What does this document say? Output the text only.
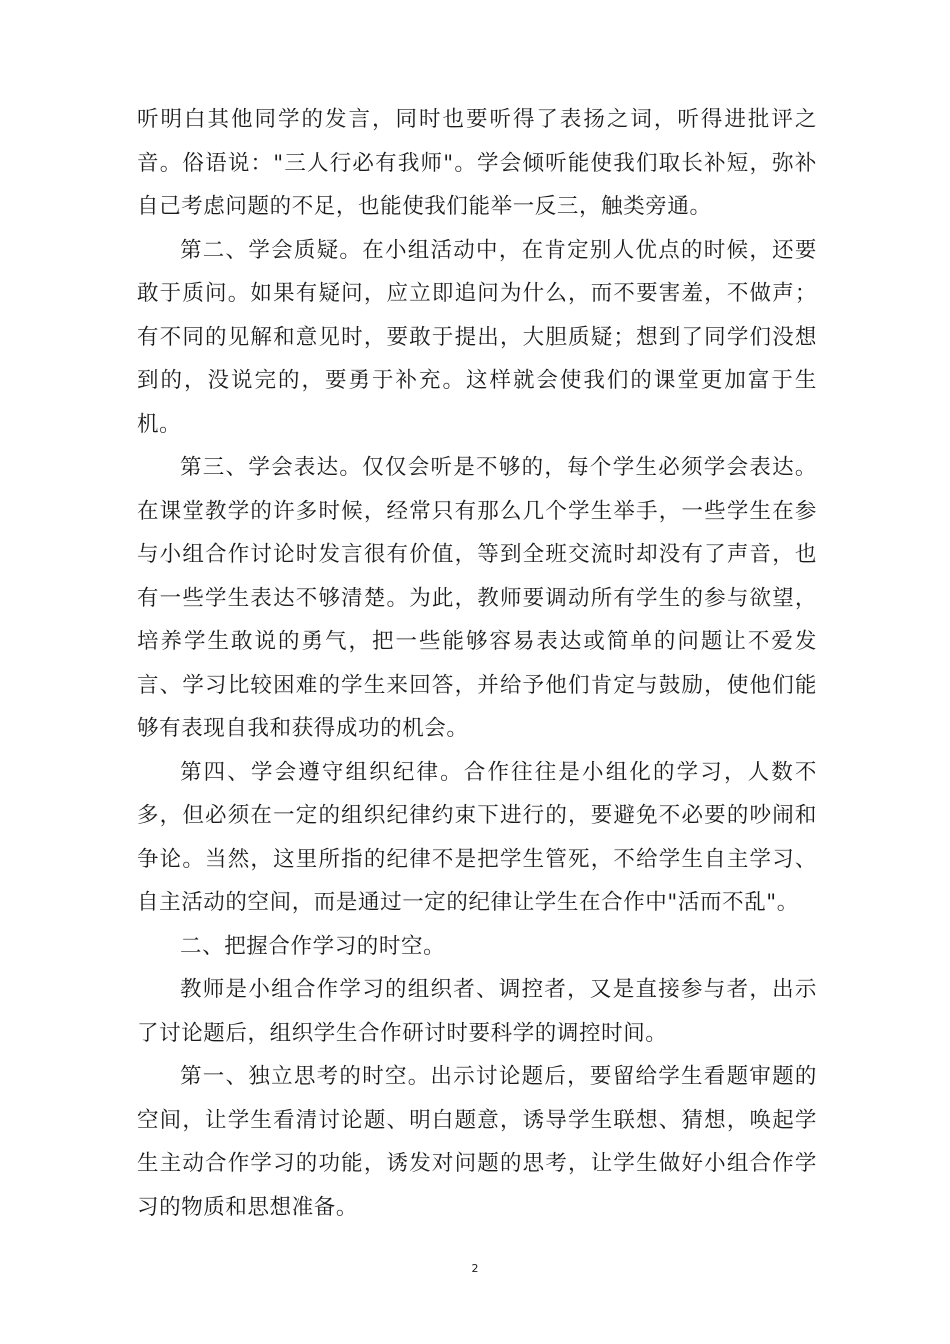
听明白其他同学的发言，同时也要听得了表扬之词，听得进批评之音。俗语说："三人行必有我师"。学会倾听能使我们取长补短，弥补自己考虑问题的不足，也能使我们能举一反三，触类旁通。

第二、学会质疑。在小组活动中，在肯定别人优点的时候，还要敢于质问。如果有疑问，应立即追问为什么，而不要害羞，不做声；有不同的见解和意见时，要敢于提出，大胆质疑；想到了同学们没想到的，没说完的，要勇于补充。这样就会使我们的课堂更加富于生机。

第三、学会表达。仅仅会听是不够的，每个学生必须学会表达。在课堂教学的许多时候，经常只有那么几个学生举手，一些学生在参与小组合作讨论时发言很有价值，等到全班交流时却没有了声音，也有一些学生表达不够清楚。为此，教师要调动所有学生的参与欲望，培养学生敢说的勇气，把一些能够容易表达或简单的问题让不爱发言、学习比较困难的学生来回答，并给予他们肯定与鼓励，使他们能够有表现自我和获得成功的机会。

第四、学会遵守组织纪律。合作往往是小组化的学习，人数不多，但必须在一定的组织纪律约束下进行的，要避免不必要的吵闹和争论。当然，这里所指的纪律不是把学生管死，不给学生自主学习、自主活动的空间，而是通过一定的纪律让学生在合作中"活而不乱"。

二、把握合作学习的时空。

教师是小组合作学习的组织者、调控者，又是直接参与者，出示了讨论题后，组织学生合作研讨时要科学的调控时间。

第一、独立思考的时空。出示讨论题后，要留给学生看题审题的空间，让学生看清讨论题、明白题意，诱导学生联想、猜想，唤起学生主动合作学习的功能，诱发对问题的思考，让学生做好小组合作学习的物质和思想准备。

2
